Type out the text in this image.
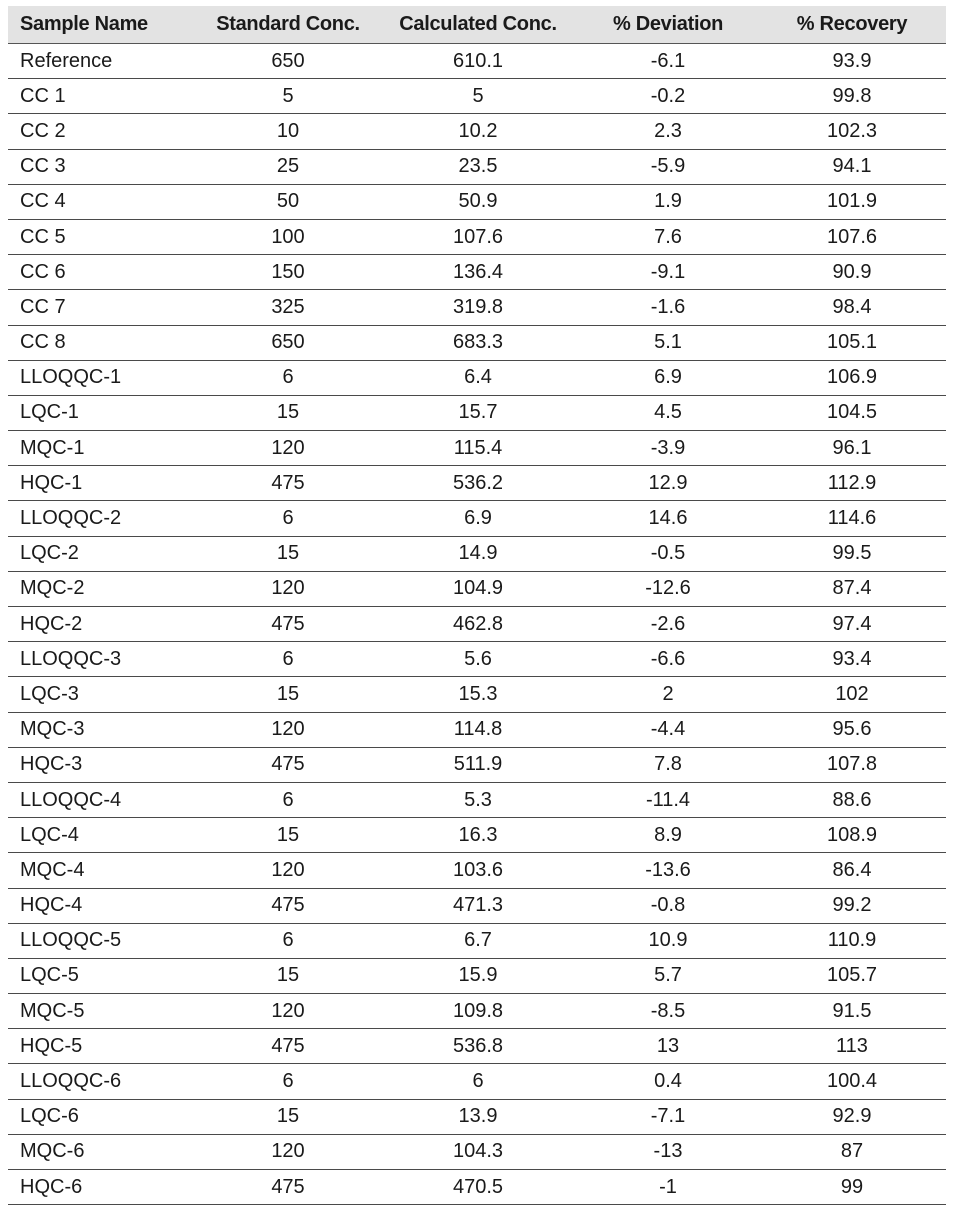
Sample Name	Standard Conc.	Calculated Conc.	% Deviation	% Recovery
Reference	650	610.1	-6.1	93.9
CC 1	5	5	-0.2	99.8
CC 2	10	10.2	2.3	102.3
CC 3	25	23.5	-5.9	94.1
CC 4	50	50.9	1.9	101.9
CC 5	100	107.6	7.6	107.6
CC 6	150	136.4	-9.1	90.9
CC 7	325	319.8	-1.6	98.4
CC 8	650	683.3	5.1	105.1
LLOQQC-1	6	6.4	6.9	106.9
LQC-1	15	15.7	4.5	104.5
MQC-1	120	115.4	-3.9	96.1
HQC-1	475	536.2	12.9	112.9
LLOQQC-2	6	6.9	14.6	114.6
LQC-2	15	14.9	-0.5	99.5
MQC-2	120	104.9	-12.6	87.4
HQC-2	475	462.8	-2.6	97.4
LLOQQC-3	6	5.6	-6.6	93.4
LQC-3	15	15.3	2	102
MQC-3	120	114.8	-4.4	95.6
HQC-3	475	511.9	7.8	107.8
LLOQQC-4	6	5.3	-11.4	88.6
LQC-4	15	16.3	8.9	108.9
MQC-4	120	103.6	-13.6	86.4
HQC-4	475	471.3	-0.8	99.2
LLOQQC-5	6	6.7	10.9	110.9
LQC-5	15	15.9	5.7	105.7
MQC-5	120	109.8	-8.5	91.5
HQC-5	475	536.8	13	113
LLOQQC-6	6	6	0.4	100.4
LQC-6	15	13.9	-7.1	92.9
MQC-6	120	104.3	-13	87
HQC-6	475	470.5	-1	99
